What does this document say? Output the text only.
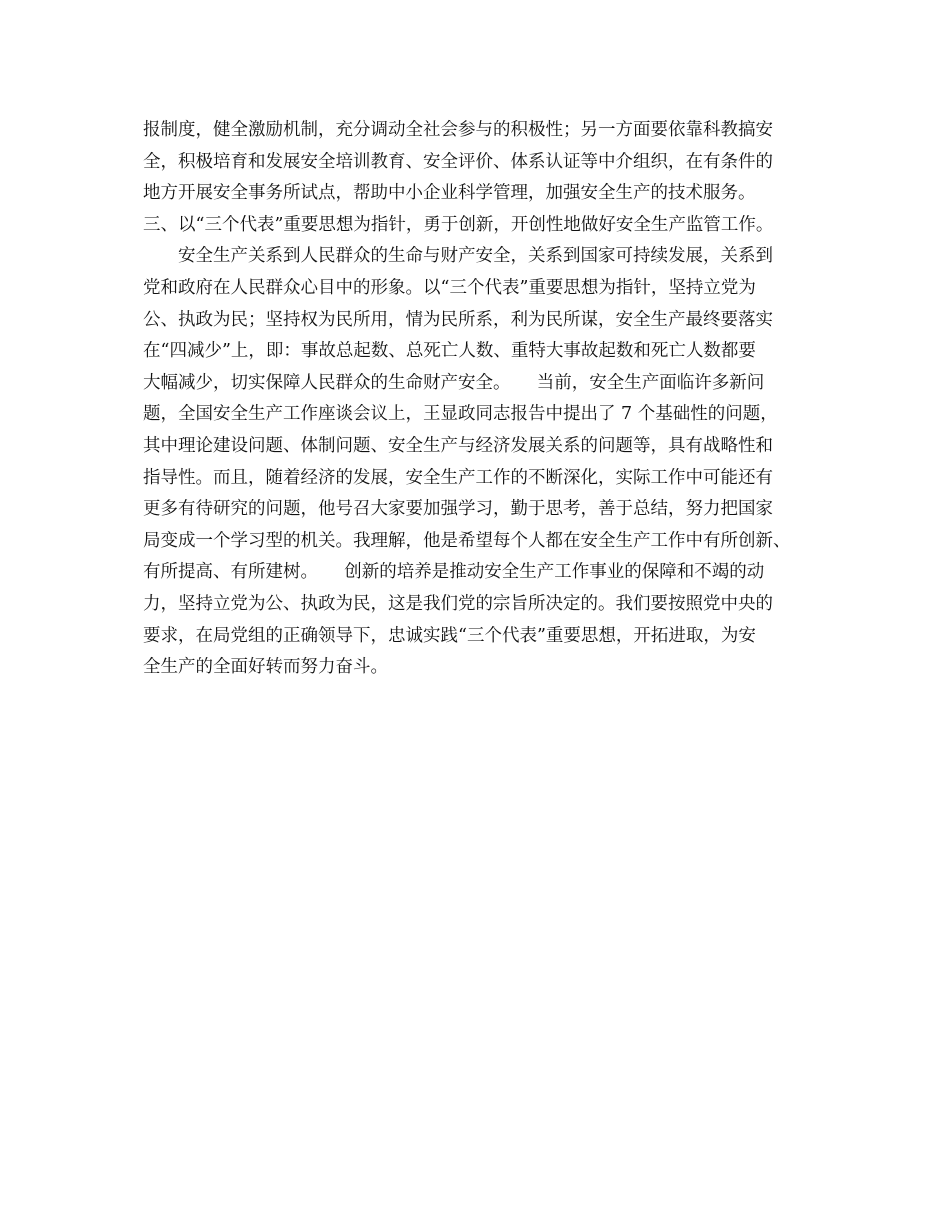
报制度，健全激励机制，充分调动全社会参与的积极性；另一方面要依靠科教搞安
全，积极培育和发展安全培训教育、安全评价、体系认证等中介组织，在有条件的
地方开展安全事务所试点，帮助中小企业科学管理，加强安全生产的技术服务。
三、以“三个代表”重要思想为指针，勇于创新，开创性地做好安全生产监管工作。
安全生产关系到人民群众的生命与财产安全，关系到国家可持续发展，关系到
党和政府在人民群众心目中的形象。以“三个代表”重要思想为指针，坚持立党为
公、执政为民；坚持权为民所用，情为民所系，利为民所谋，安全生产最终要落实
在“四减少”上，即：事故总起数、总死亡人数、重特大事故起数和死亡人数都要
大幅减少，切实保障人民群众的生命财产安全。　　当前，安全生产面临许多新问
题，全国安全生产工作座谈会议上，王显政同志报告中提出了 7 个基础性的问题，
其中理论建设问题、体制问题、安全生产与经济发展关系的问题等，具有战略性和
指导性。而且，随着经济的发展，安全生产工作的不断深化，实际工作中可能还有
更多有待研究的问题，他号召大家要加强学习，勤于思考，善于总结，努力把国家
局变成一个学习型的机关。我理解，他是希望每个人都在安全生产工作中有所创新、
有所提高、有所建树。　　创新的培养是推动安全生产工作事业的保障和不竭的动
力，坚持立党为公、执政为民，这是我们党的宗旨所决定的。我们要按照党中央的
要求，在局党组的正确领导下，忠诚实践“三个代表”重要思想，开拓进取，为安
全生产的全面好转而努力奋斗。
